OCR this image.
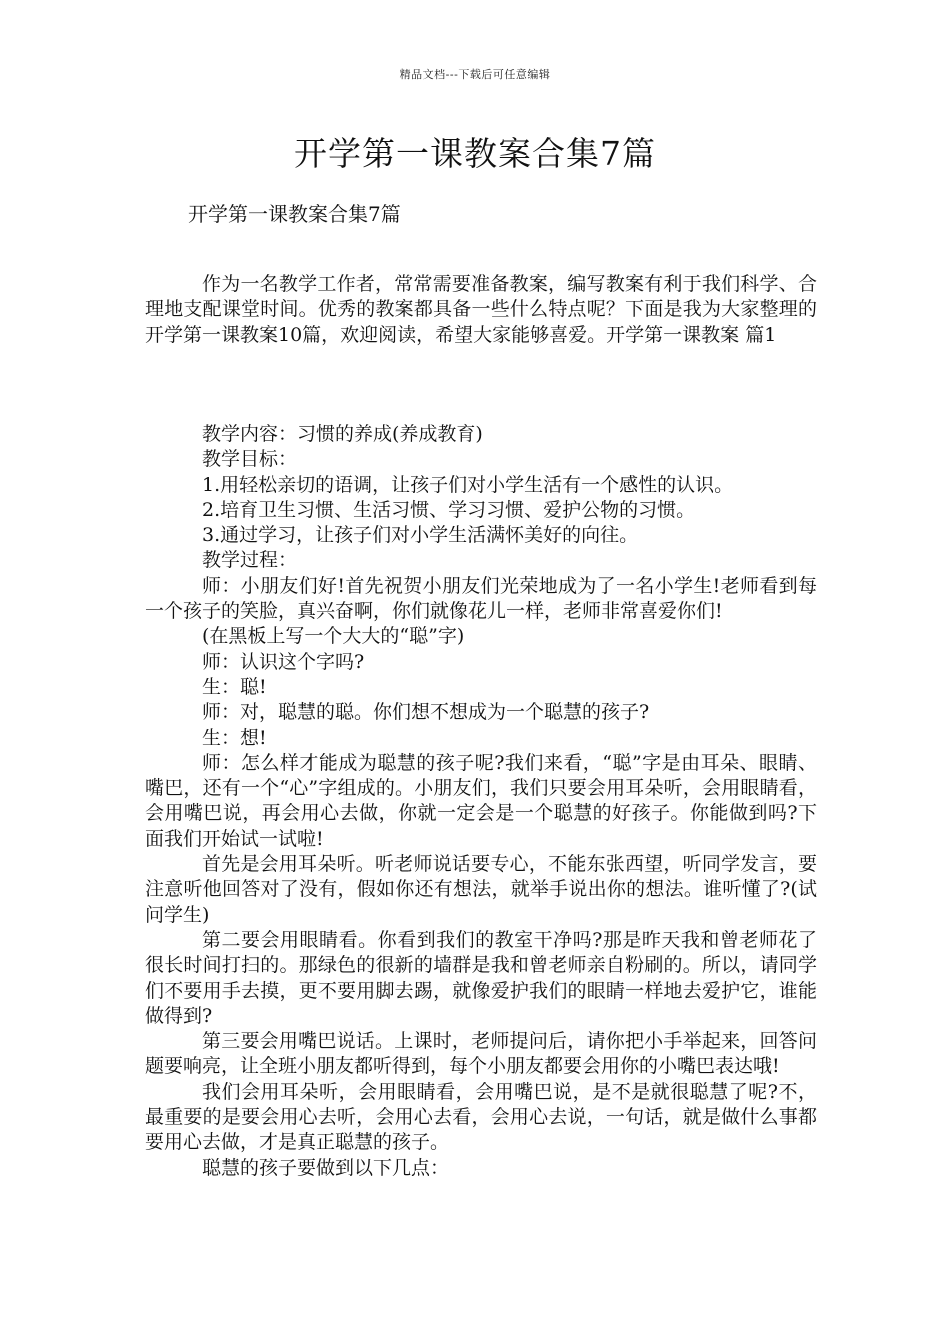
精品文档---下载后可任意编辑
开学第一课教案合集7篇
开学第一课教案合集7篇

作为一名教学工作者，常常需要准备教案，编写教案有利于我们科学、合理地支配课堂时间。优秀的教案都具备一些什么特点呢？下面是我为大家整理的开学第一课教案10篇，欢迎阅读，希望大家能够喜爱。开学第一课教案 篇1

教学内容：习惯的养成(养成教育)

教学目标：

1.用轻松亲切的语调，让孩子们对小学生活有一个感性的认识。

2.培育卫生习惯、生活习惯、学习习惯、爱护公物的习惯。

3.通过学习，让孩子们对小学生活满怀美好的向往。

教学过程：

师：小朋友们好!首先祝贺小朋友们光荣地成为了一名小学生!老师看到每一个孩子的笑脸，真兴奋啊，你们就像花儿一样，老师非常喜爱你们!

(在黑板上写一个大大的“聪”字)

师：认识这个字吗?

生：聪!

师：对，聪慧的聪。你们想不想成为一个聪慧的孩子?

生：想!

师：怎么样才能成为聪慧的孩子呢?我们来看，“聪”字是由耳朵、眼睛、嘴巴，还有一个“心”字组成的。小朋友们，我们只要会用耳朵听，会用眼睛看，会用嘴巴说，再会用心去做，你就一定会是一个聪慧的好孩子。你能做到吗?下面我们开始试一试啦!

首先是会用耳朵听。听老师说话要专心，不能东张西望，听同学发言，要注意听他回答对了没有，假如你还有想法，就举手说出你的想法。谁听懂了?(试问学生)

第二要会用眼睛看。你看到我们的教室干净吗?那是昨天我和曾老师花了很长时间打扫的。那绿色的很新的墙群是我和曾老师亲自粉刷的。所以，请同学们不要用手去摸，更不要用脚去踢，就像爱护我们的眼睛一样地去爱护它，谁能做得到?

第三要会用嘴巴说话。上课时，老师提问后，请你把小手举起来，回答问题要响亮，让全班小朋友都听得到，每个小朋友都要会用你的小嘴巴表达哦!

我们会用耳朵听，会用眼睛看，会用嘴巴说，是不是就很聪慧了呢?不，最重要的是要会用心去听，会用心去看，会用心去说，一句话，就是做什么事都要用心去做，才是真正聪慧的孩子。

聪慧的孩子要做到以下几点：
